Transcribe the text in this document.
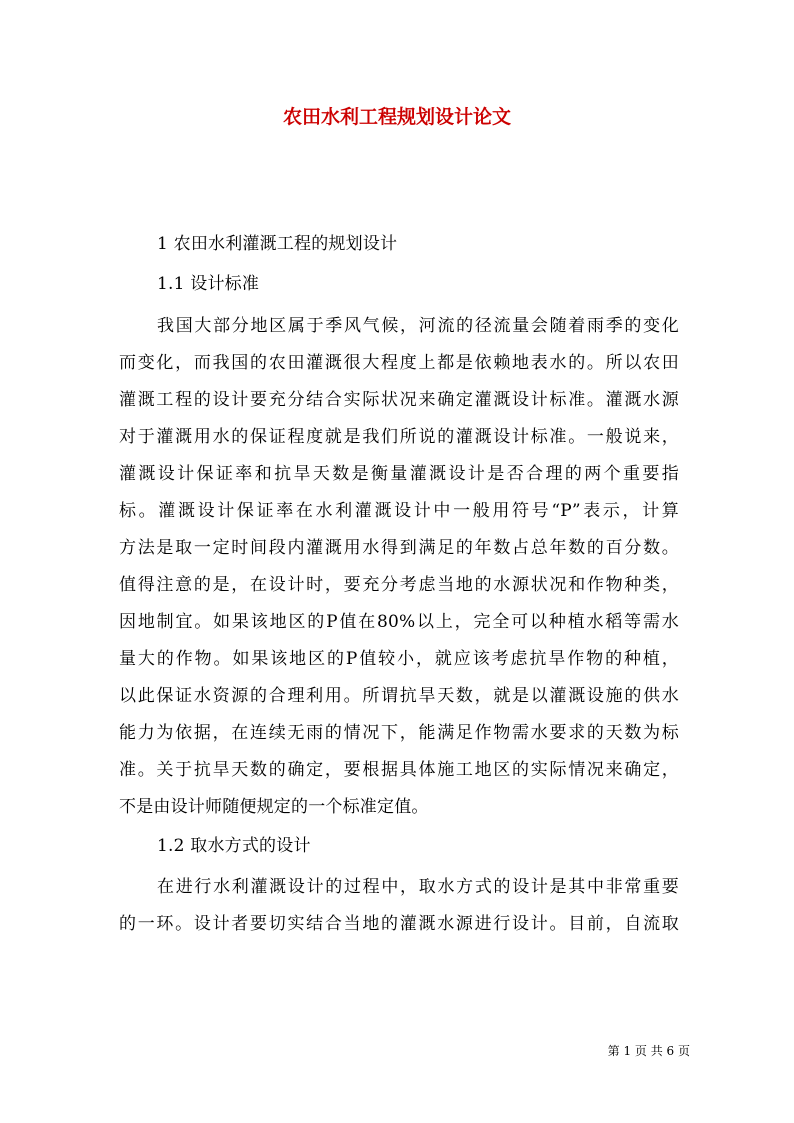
农田水利工程规划设计论文
1 农田水利灌溉工程的规划设计
1.1 设计标准
我国大部分地区属于季风气候，河流的径流量会随着雨季的变化
而变化，而我国的农田灌溉很大程度上都是依赖地表水的。所以农田
灌溉工程的设计要充分结合实际状况来确定灌溉设计标准。灌溉水源
对于灌溉用水的保证程度就是我们所说的灌溉设计标准。一般说来，
灌溉设计保证率和抗旱天数是衡量灌溉设计是否合理的两个重要指
标。灌溉设计保证率在水利灌溉设计中一般用符号“P”表示，计算
方法是取一定时间段内灌溉用水得到满足的年数占总年数的百分数。
值得注意的是，在设计时，要充分考虑当地的水源状况和作物种类，
因地制宜。如果该地区的P值在80%以上，完全可以种植水稻等需水
量大的作物。如果该地区的P值较小，就应该考虑抗旱作物的种植，
以此保证水资源的合理利用。所谓抗旱天数，就是以灌溉设施的供水
能力为依据，在连续无雨的情况下，能满足作物需水要求的天数为标
准。关于抗旱天数的确定，要根据具体施工地区的实际情况来确定，
不是由设计师随便规定的一个标准定值。
1.2 取水方式的设计
在进行水利灌溉设计的过程中，取水方式的设计是其中非常重要
的一环。设计者要切实结合当地的灌溉水源进行设计。目前，自流取
第 1 页 共 6 页
